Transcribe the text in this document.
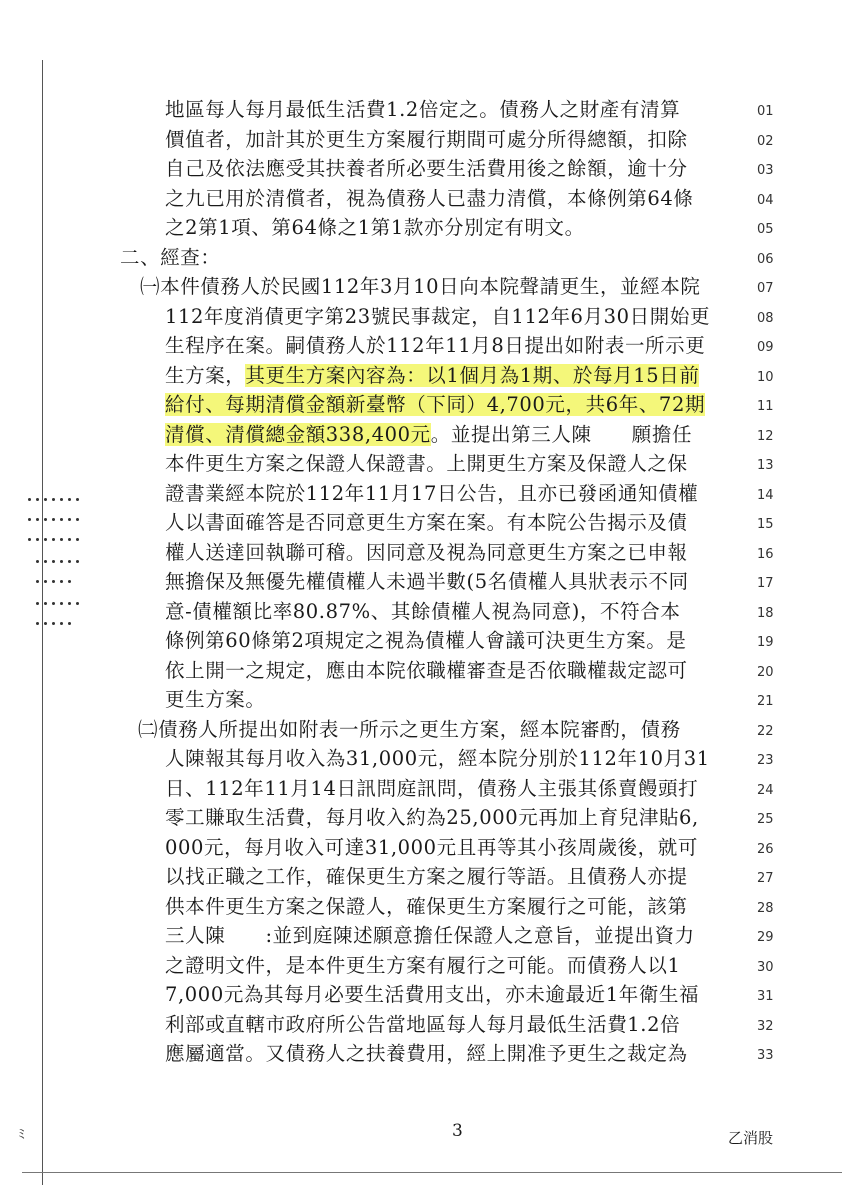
地區每人每月最低生活費1.2倍定之。債務人之財產有清算	01
價值者，加計其於更生方案履行期間可處分所得總額，扣除	02
自己及依法應受其扶養者所必要生活費用後之餘額，逾十分	03
之九已用於清償者，視為債務人已盡力清償，本條例第64條	04
之2第1項、第64條之1第1款亦分別定有明文。	05
二、經查：	06
㈠本件債務人於民國112年3月10日向本院聲請更生，並經本院	07
112年度消債更字第23號民事裁定，自112年6月30日開始更	08
生程序在案。嗣債務人於112年11月8日提出如附表一所示更	09
生方案，其更生方案內容為：以1個月為1期、於每月15日前	10
給付、每期清償金額新臺幣（下同）4,700元，共6年、72期	11
清償、清償總金額338,400元。並提出第三人陳　　願擔任	12
本件更生方案之保證人保證書。上開更生方案及保證人之保	13
證書業經本院於112年11月17日公告，且亦已發函通知債權	14
人以書面確答是否同意更生方案在案。有本院公告揭示及債	15
權人送達回執聯可稽。因同意及視為同意更生方案之已申報	16
無擔保及無優先權債權人未過半數(5名債權人具狀表示不同	17
意-債權額比率80.87%、其餘債權人視為同意)，不符合本	18
條例第60條第2項規定之視為債權人會議可決更生方案。是	19
依上開一之規定，應由本院依職權審查是否依職權裁定認可	20
更生方案。	21
㈡債務人所提出如附表一所示之更生方案，經本院審酌，債務	22
人陳報其每月收入為31,000元，經本院分別於112年10月31	23
日、112年11月14日訊問庭訊問，債務人主張其係賣饅頭打	24
零工賺取生活費，每月收入約為25,000元再加上育兒津貼6,	25
000元，每月收入可達31,000元且再等其小孩周歲後，就可	26
以找正職之工作，確保更生方案之履行等語。且債務人亦提	27
供本件更生方案之保證人，確保更生方案履行之可能，該第	28
三人陳　　:並到庭陳述願意擔任保證人之意旨，並提出資力	29
之證明文件，是本件更生方案有履行之可能。而債務人以1	30
7,000元為其每月必要生活費用支出，亦未逾最近1年衛生福	31
利部或直轄市政府所公告當地區每人每月最低生活費1.2倍	32
應屬適當。又債務人之扶養費用，經上開准予更生之裁定為	33
ﾐ	3	乙消股
